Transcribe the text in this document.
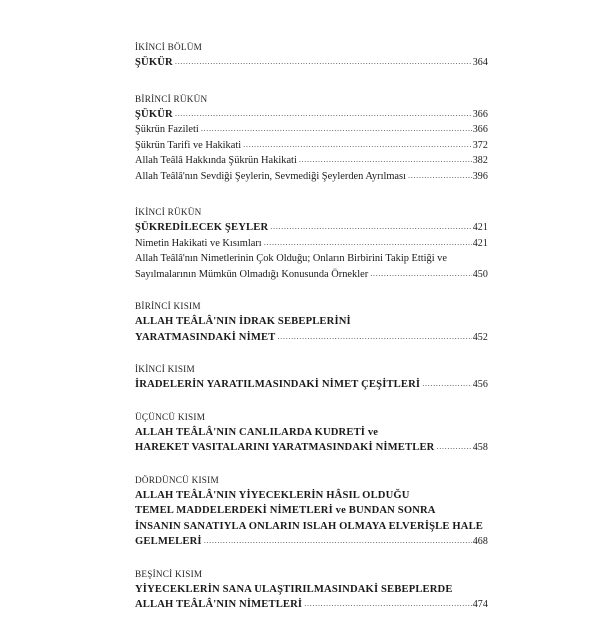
İKİNCİ BÖLÜM
ŞÜKÜR .....	364
BİRİNCİ RÜKÜN
ŞÜKÜR .....	366
Şükrün Fazileti .....	366
Şükrün Tarifi ve Hakikati .....	372
Allah Teâlâ Hakkında Şükrün Hakikati .....	382
Allah Teâlâ'nın Sevdiği Şeylerin, Sevmediği Şeylerden Ayrılması .....	396
İKİNCİ RÜKÜN
ŞÜKREDİLECEK ŞEYLER .....	421
Nimetin Hakikati ve Kısımları .....	421
Allah Teâlâ'nın Nimetlerinin Çok Olduğu; Onların Birbirini Takip Ettiği ve
Sayılmalarının Mümkün Olmadığı Konusunda Örnekler .....	450
BİRİNCİ KISIM
ALLAH TEÂLÂ'NIN İDRAK SEBEPLERİNİ
YARATMASINDAKİ NİMET .....	452
İKİNCİ KISIM
İRADELERİN YARATILMASINDAKİ NİMET ÇEŞİTLERİ .....	456
ÜÇÜNCÜ KISIM
ALLAH TEÂLÂ'NIN CANLILARDA KUDRETİ ve
HAREKET VASITALARINI YARATMASINDAKİ NİMETLER .....	458
DÖRDÜNCÜ KISIM
ALLAH TEÂLÂ'NIN YİYECEKLERİN HÂSIL OLDUĞU
TEMEL MADDELERDEKİ NİMETLERİ ve BUNDAN SONRA
İNSANIN SANATIYLA ONLARIN ISLAH OLMAYA ELVERİŞLE HALE
GELMELERİ .....	468
BEŞİNCİ KISIM
YİYECEKLERİN SANA ULAŞTIRILMASINDAKİ SEBEPLERDE
ALLAH TEÂLÂ'NIN NİMETLERİ .....	474
